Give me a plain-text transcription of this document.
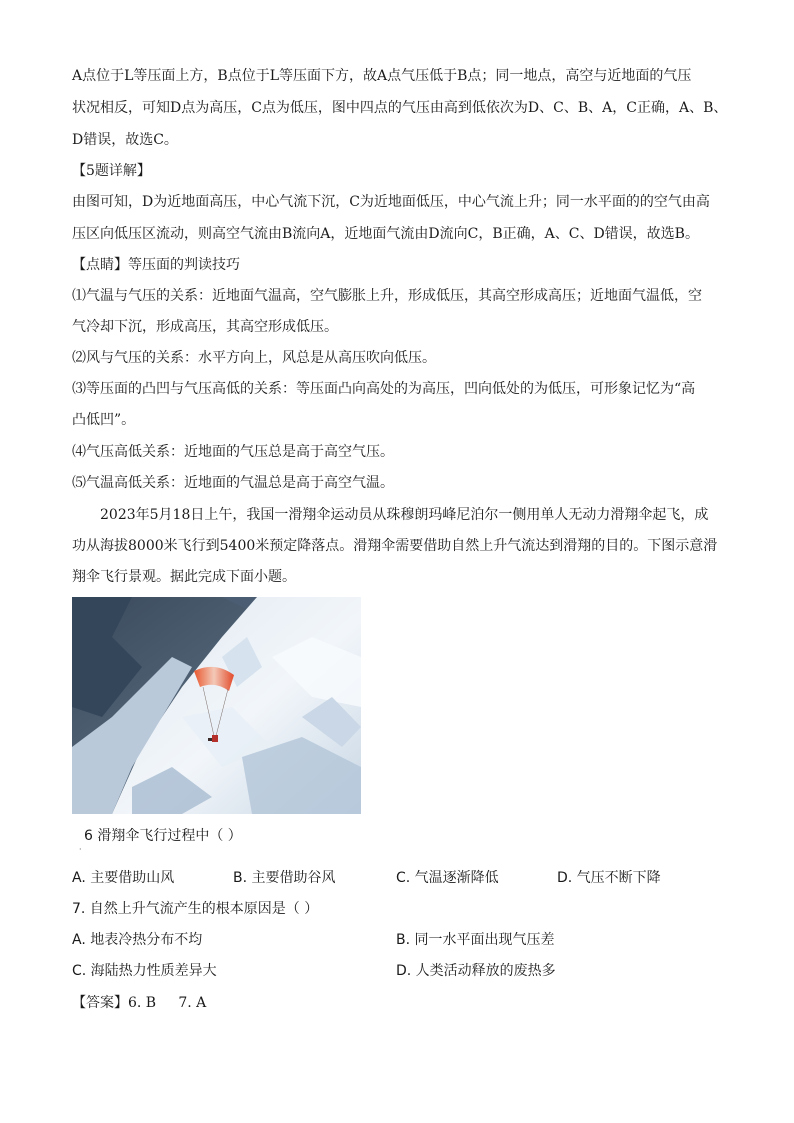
A点位于L等压面上方，B点位于L等压面下方，故A点气压低于B点；同一地点，高空与近地面的气压
状况相反，可知D点为高压，C点为低压，图中四点的气压由高到低依次为D、C、B、A，C正确，A、B、
D错误，故选C。
【5题详解】
由图可知，D为近地面高压，中心气流下沉，C为近地面低压，中心气流上升；同一水平面的的空气由高
压区向低压区流动，则高空气流由B流向A，近地面气流由D流向C，B正确，A、C、D错误，故选B。
【点睛】等压面的判读技巧
⑴气温与气压的关系：近地面气温高，空气膨胀上升，形成低压，其高空形成高压；近地面气温低，空
气冷却下沉，形成高压，其高空形成低压。
⑵风与气压的关系：水平方向上，风总是从高压吹向低压。
⑶等压面的凸凹与气压高低的关系：等压面凸向高处的为高压，凹向低处的为低压，可形象记忆为“高
凸低凹”。
⑷气压高低关系：近地面的气压总是高于高空气压。
⑸气温高低关系：近地面的气温总是高于高空气温。
2023年5月18日上午，我国一滑翔伞运动员从珠穆朗玛峰尼泊尔一侧用单人无动力滑翔伞起飞，成
功从海拔8000米飞行到5400米预定降落点。滑翔伞需要借助自然上升气流达到滑翔的目的。下图示意滑
翔伞飞行景观。据此完成下面小题。
6 滑翔伞飞行过程中（ ）
·
A. 主要借助山风	B. 主要借助谷风	C. 气温逐渐降低	D. 气压不断下降
7. 自然上升气流产生的根本原因是（ ）
A. 地表冷热分布不均	B. 同一水平面出现气压差
C. 海陆热力性质差异大	D. 人类活动释放的废热多
【答案】6. B     7. A
